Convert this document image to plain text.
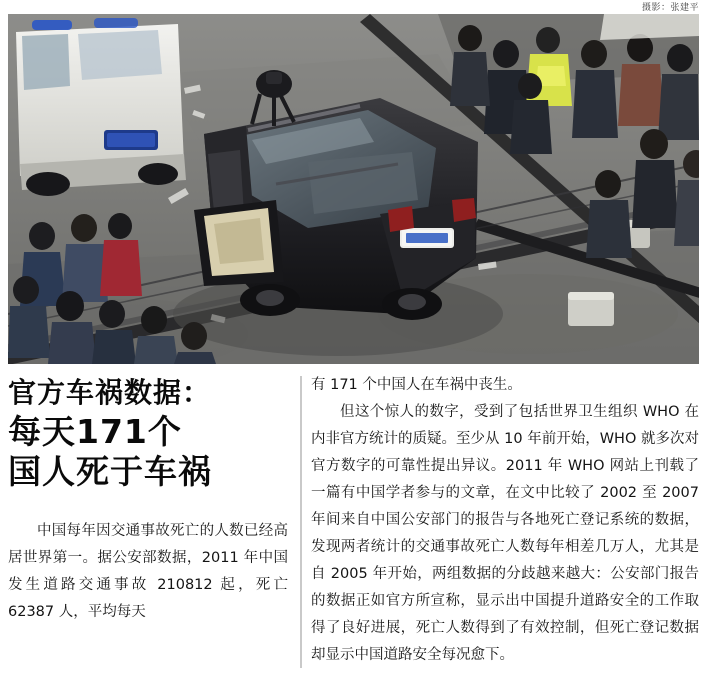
摄影：张建平
官方车祸数据：
每天171个
国人死于车祸
中国每年因交通事故死亡的人数已经高居世界第一。据公安部数据，2011 年中国发生道路交通事故 210812 起，死亡 62387 人，平均每天

有 171 个中国人在车祸中丧生。

但这个惊人的数字，受到了包括世界卫生组织 WHO 在内非官方统计的质疑。至少从 10 年前开始，WHO 就多次对官方数字的可靠性提出异议。2011 年 WHO 网站上刊载了一篇有中国学者参与的文章，在文中比较了 2002 至 2007 年间来自中国公安部门的报告与各地死亡登记系统的数据，发现两者统计的交通事故死亡人数每年相差几万人，尤其是自 2005 年开始，两组数据的分歧越来越大：公安部门报告的数据正如官方所宣称，显示出中国提升道路安全的工作取得了良好进展，死亡人数得到了有效控制，但死亡登记数据却显示中国道路安全每况愈下。
